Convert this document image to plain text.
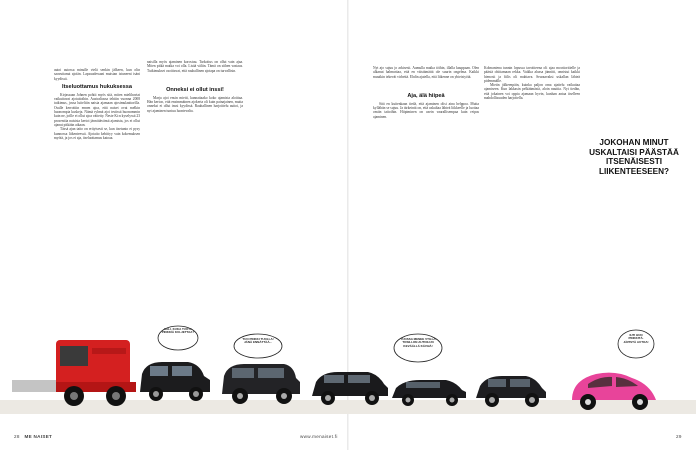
autoi autossa minulle vielä senkin jälkeen, kun olin saavuttanut ajoiän. Lapsuudessani muistan istuneeni isäni kyydissä.

Itseluottamus hukuksessa

Kirjassaan Johnen pohtii myös sitä, miten mielihaviat vaikuttavat ajotaitoihin. Australiassa tehtiin vuonna 2008 tutkimus, jossa luiteltiin naisia ajamaan ajosimulaattorilla. Osalle kerrottiin ennen ajoa, että naiset ovat melkin huonompia kuskeja. Nämä ryhmä ajoi testissä huonommin kuin ne, joille ei ollut ajoa väitetty. Neste Ki:n kyselyssä 23 prosenttia naisista kertoi jännittävänsä ajamista, jos ei ollut ajanut pitkään aikaan.

Tässä ajan taito on erityisesti se, kun itsetunto ei pysy kunnossa liikenteessä. Ajotaito kehittyy vain kokemuksen myötä, ja jos ei aja, itseluottamus katoaa.

naisilla myös ajaminen korostuu. Tarkoitus on ollut vain ajaa. Miten pitkä matka voi olla. Lisää väliin. Tämä on siihen vastaus. Tutkimukset osoittavat, että rauhallinen ajotapa on turvallisin.

Onneksi ei ollut inssi!

Marja ajoi ensin mietti, kannattaako koko ajamista aloittaa. Hän kertoo, että ensimmäinen ajokerta oli kuin painajainen, mutta onneksi ei ollut inssi kyydissä. Rauhallinen harjoittelu auttoi, ja nyt ajaminen tuntuu luontevalta.

Nyt ajo sujuu jo arkisesti. Aamulla matka töihin, illalla kauppaan. Olen alkanut hahmottaa, että en väistämättä ole suurin ongelma. Kaikki muutkin tekevät virheitä. Ehdin ajatella, että liikenne on yhteistyötä.

Aja, älä hiipeä

Sitä en kuitenkaan tiedä, että ajaminen olisi aina helppoa. Mutta kyllähän se sujuu. Ja tärkeintä on, että uskaltaa lähteä liikkeelle ja luottaa omiin taitoihin. Hiipiminen on usein vaarallisempaa kuin reipas ajaminen.

Kolmantena tunnin lopussa tavoitteena oli ajaa moottoritielle ja päästä ohittamaan rekka. Vaikka alussa jännitti, onnistui kaikki hienosti ja fiilis oli mahtava. Seuraavaksi uskallan lähteä pidemmälle.

Mietin jälkeenpäin, kuinka paljon oma ajattelu vaikuttaa ajamiseen. Kun lakkasin pelkäämästä, aloin nauttia. Nyt tiedän, että jokainen voi oppia ajamaan hyvin, kunhan antaa itselleen mahdollisuuden harjoitella.

JOKOHAN MINUT USKALTAISI PÄÄSTÄÄ ITSENÄISESTI LIIKENTEESEEN?
HALI, KUKA TUOTA PINKKIÄ KULJETTAA?
TUO PINKKI TUOLLA! JÄNÄ ENNÄTTÄÄ...
TUOSSA MENEE VTILLÄ TOSILLON AUTOILUN KEVÄÄLLÄ KÄVIJÄ!
IHTI HUN PINKKITÄ. JÄPISTÄ AUTOA!
28 ME NAISET	www.menaiset.fi	29
